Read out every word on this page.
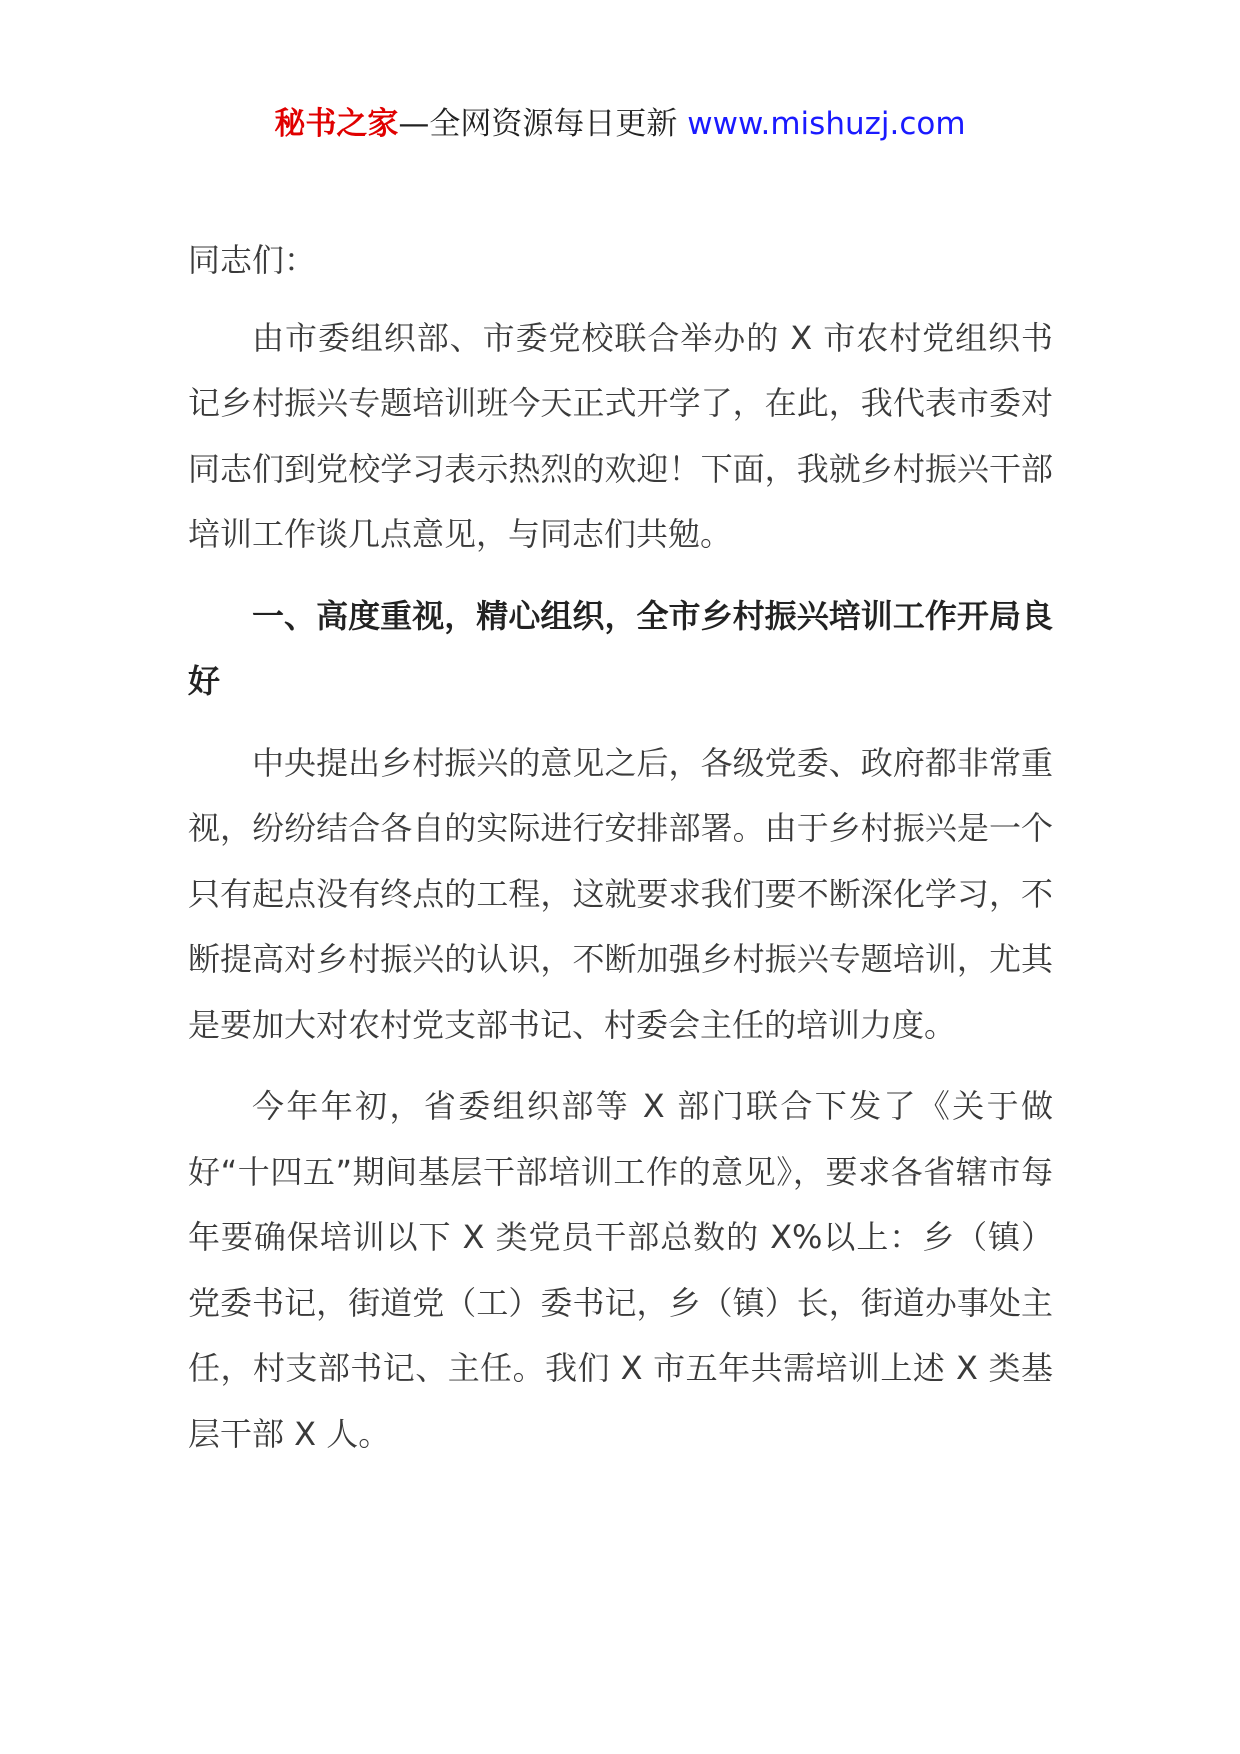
秘书之家—全网资源每日更新 www.mishuzj.com

同志们：

由市委组织部、市委党校联合举办的 X 市农村党组织书记乡村振兴专题培训班今天正式开学了，在此，我代表市委对同志们到党校学习表示热烈的欢迎！下面，我就乡村振兴干部培训工作谈几点意见，与同志们共勉。

一、高度重视，精心组织，全市乡村振兴培训工作开局良好

中央提出乡村振兴的意见之后，各级党委、政府都非常重视，纷纷结合各自的实际进行安排部署。由于乡村振兴是一个只有起点没有终点的工程，这就要求我们要不断深化学习，不断提高对乡村振兴的认识，不断加强乡村振兴专题培训，尤其是要加大对农村党支部书记、村委会主任的培训力度。

今年年初，省委组织部等 X 部门联合下发了《关于做好“十四五”期间基层干部培训工作的意见》，要求各省辖市每年要确保培训以下 X 类党员干部总数的 X%以上：乡（镇）党委书记，街道党（工）委书记，乡（镇）长，街道办事处主任，村支部书记、主任。我们 X 市五年共需培训上述 X 类基层干部 X 人。
